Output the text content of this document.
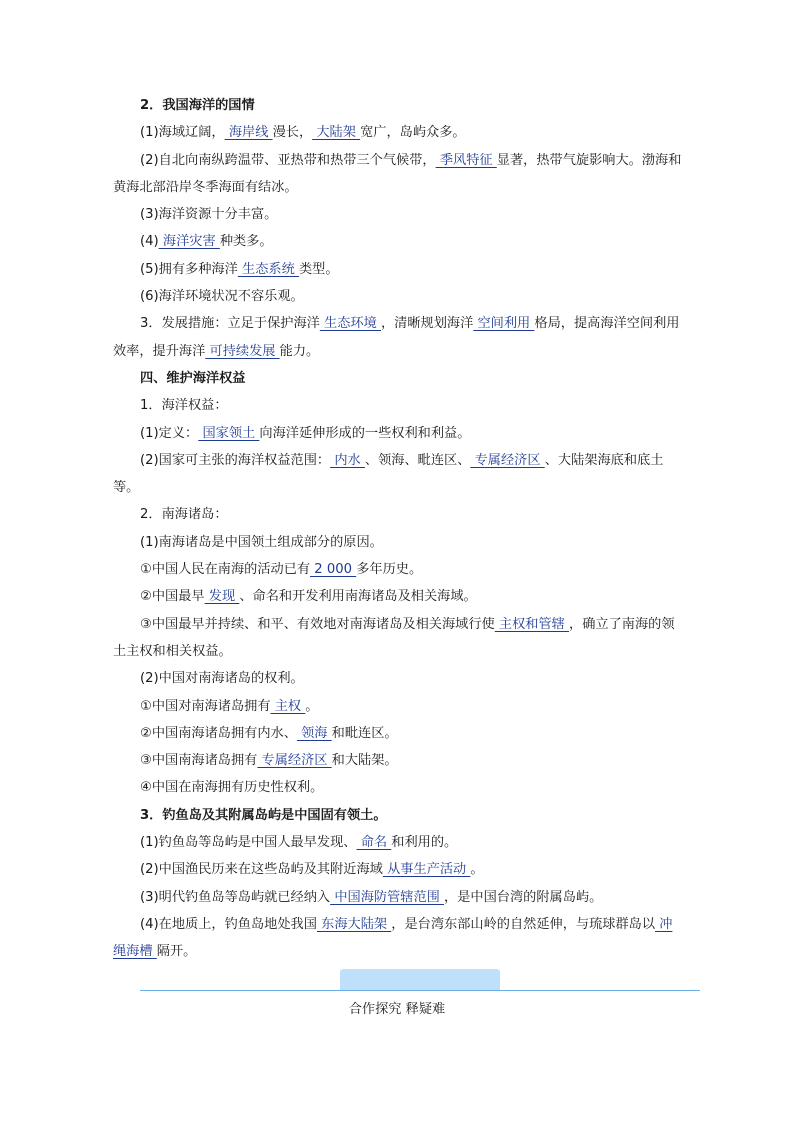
2．我国海洋的国情

(1)海域辽阔， 海岸线 漫长， 大陆架 宽广，岛屿众多。

(2)自北向南纵跨温带、亚热带和热带三个气候带， 季风特征 显著，热带气旋影响大。渤海和黄海北部沿岸冬季海面有结冰。

(3)海洋资源十分丰富。

(4) 海洋灾害 种类多。

(5)拥有多种海洋 生态系统 类型。

(6)海洋环境状况不容乐观。

3．发展措施：立足于保护海洋 生态环境 ，清晰规划海洋 空间利用 格局，提高海洋空间利用效率，提升海洋 可持续发展 能力。

四、维护海洋权益

1．海洋权益：

(1)定义： 国家领土 向海洋延伸形成的一些权利和利益。

(2)国家可主张的海洋权益范围： 内水 、领海、毗连区、 专属经济区 、大陆架海底和底土等。

2．南海诸岛：

(1)南海诸岛是中国领土组成部分的原因。

①中国人民在南海的活动已有 2 000 多年历史。

②中国最早 发现 、命名和开发利用南海诸岛及相关海域。

③中国最早并持续、和平、有效地对南海诸岛及相关海域行使 主权和管辖 ，确立了南海的领土主权和相关权益。

(2)中国对南海诸岛的权利。

①中国对南海诸岛拥有 主权 。

②中国南海诸岛拥有内水、 领海 和毗连区。

③中国南海诸岛拥有 专属经济区 和大陆架。

④中国在南海拥有历史性权利。

3．钓鱼岛及其附属岛屿是中国固有领土。

(1)钓鱼岛等岛屿是中国人最早发现、 命名 和利用的。

(2)中国渔民历来在这些岛屿及其附近海域 从事生产活动 。

(3)明代钓鱼岛等岛屿就已经纳入 中国海防管辖范围 ，是中国台湾的附属岛屿。

(4)在地质上，钓鱼岛地处我国 东海大陆架 ，是台湾东部山岭的自然延伸，与琉球群岛以 冲绳海槽 隔开。

合作探究 释疑难
